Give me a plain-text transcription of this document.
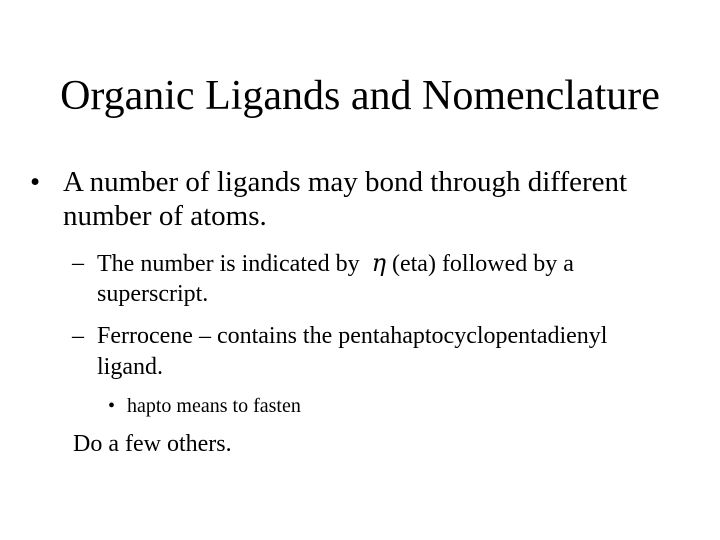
Organic Ligands and Nomenclature
• A number of ligands may bond through different
number of atoms.
– The number is indicated by η (eta) followed by a
superscript.
– Ferrocene – contains the pentahaptocyclopentadienyl
ligand.
• hapto means to fasten
Do a few others.
